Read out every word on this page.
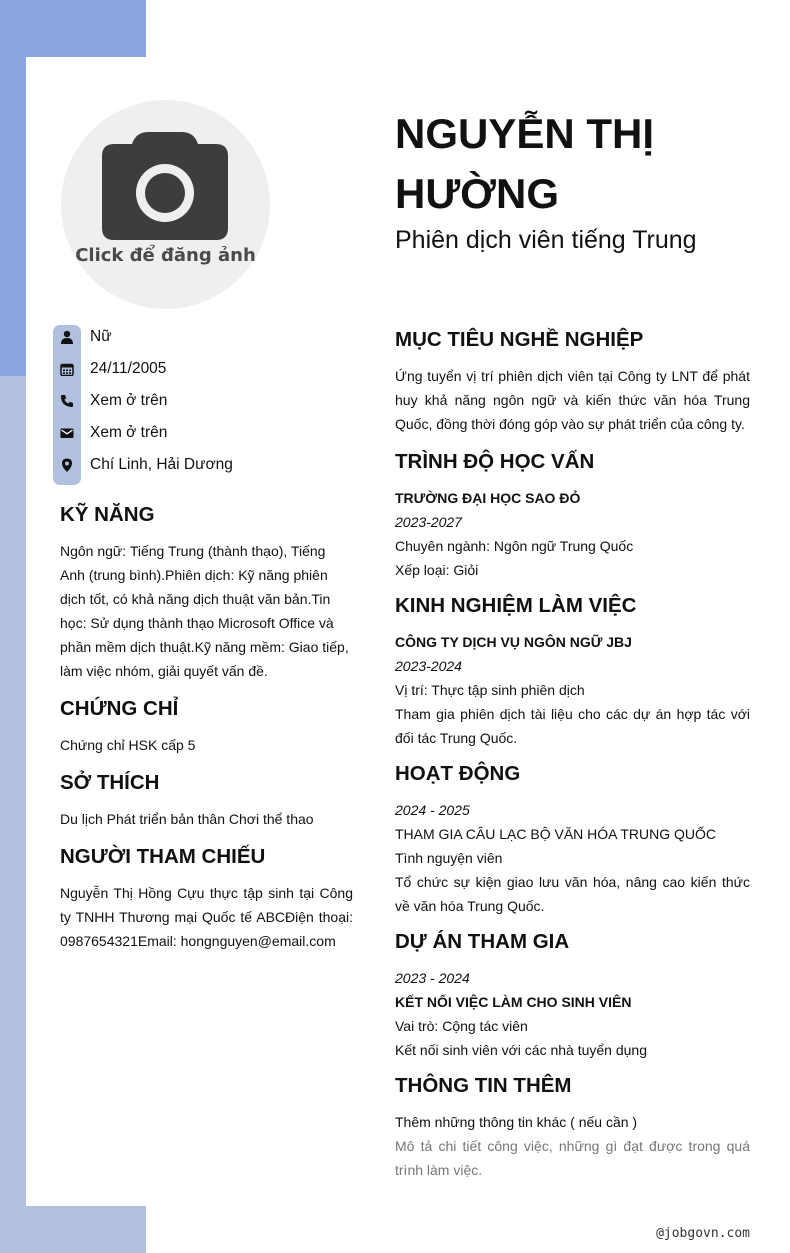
Click để đăng ảnh
NGUYỄN THỊ HƯỜNG
Phiên dịch viên tiếng Trung
Nữ
24/11/2005
Xem ở trên
Xem ở trên
Chí Linh, Hải Dương
KỸ NĂNG

Ngôn ngữ: Tiếng Trung (thành thạo), Tiếng Anh (trung bình).Phiên dịch: Kỹ năng phiên dịch tốt, có khả năng dịch thuật văn bản.Tin học: Sử dụng thành thạo Microsoft Office và phần mềm dịch thuật.Kỹ năng mềm: Giao tiếp, làm việc nhóm, giải quyết vấn đề.

CHỨNG CHỈ

Chứng chỉ HSK cấp 5

SỞ THÍCH

Du lịch Phát triển bản thân Chơi thể thao

NGƯỜI THAM CHIẾU

Nguyễn Thị Hồng Cựu thực tập sinh tại Công ty TNHH Thương mại Quốc tế ABCĐiện thoại: 0987654321Email: hongnguyen@email.com

MỤC TIÊU NGHỀ NGHIỆP

Ứng tuyển vị trí phiên dịch viên tại Công ty LNT để phát huy khả năng ngôn ngữ và kiến thức văn hóa Trung Quốc, đồng thời đóng góp vào sự phát triển của công ty.

TRÌNH ĐỘ HỌC VẤN

TRƯỜNG ĐẠI HỌC SAO ĐỎ

2023-2027

Chuyên ngành: Ngôn ngữ Trung Quốc

Xếp loại: Giỏi

KINH NGHIỆM LÀM VIỆC

CÔNG TY DỊCH VỤ NGÔN NGỮ JBJ

2023-2024

Vị trí: Thực tập sinh phiên dịch

Tham gia phiên dịch tài liệu cho các dự án hợp tác với đối tác Trung Quốc.

HOẠT ĐỘNG

2024 - 2025

THAM GIA CÂU LẠC BỘ VĂN HÓA TRUNG QUỐC

Tình nguyện viên

Tổ chức sự kiện giao lưu văn hóa, nâng cao kiến thức về văn hóa Trung Quốc.

DỰ ÁN THAM GIA

2023 - 2024

KẾT NỐI VIỆC LÀM CHO SINH VIÊN

Vai trò: Cộng tác viên

Kết nối sinh viên với các nhà tuyển dụng

THÔNG TIN THÊM

Thêm những thông tin khác ( nếu cần )

Mô tả chi tiết công việc, những gì đạt được trong quá trình làm việc.

@jobgovn.com
